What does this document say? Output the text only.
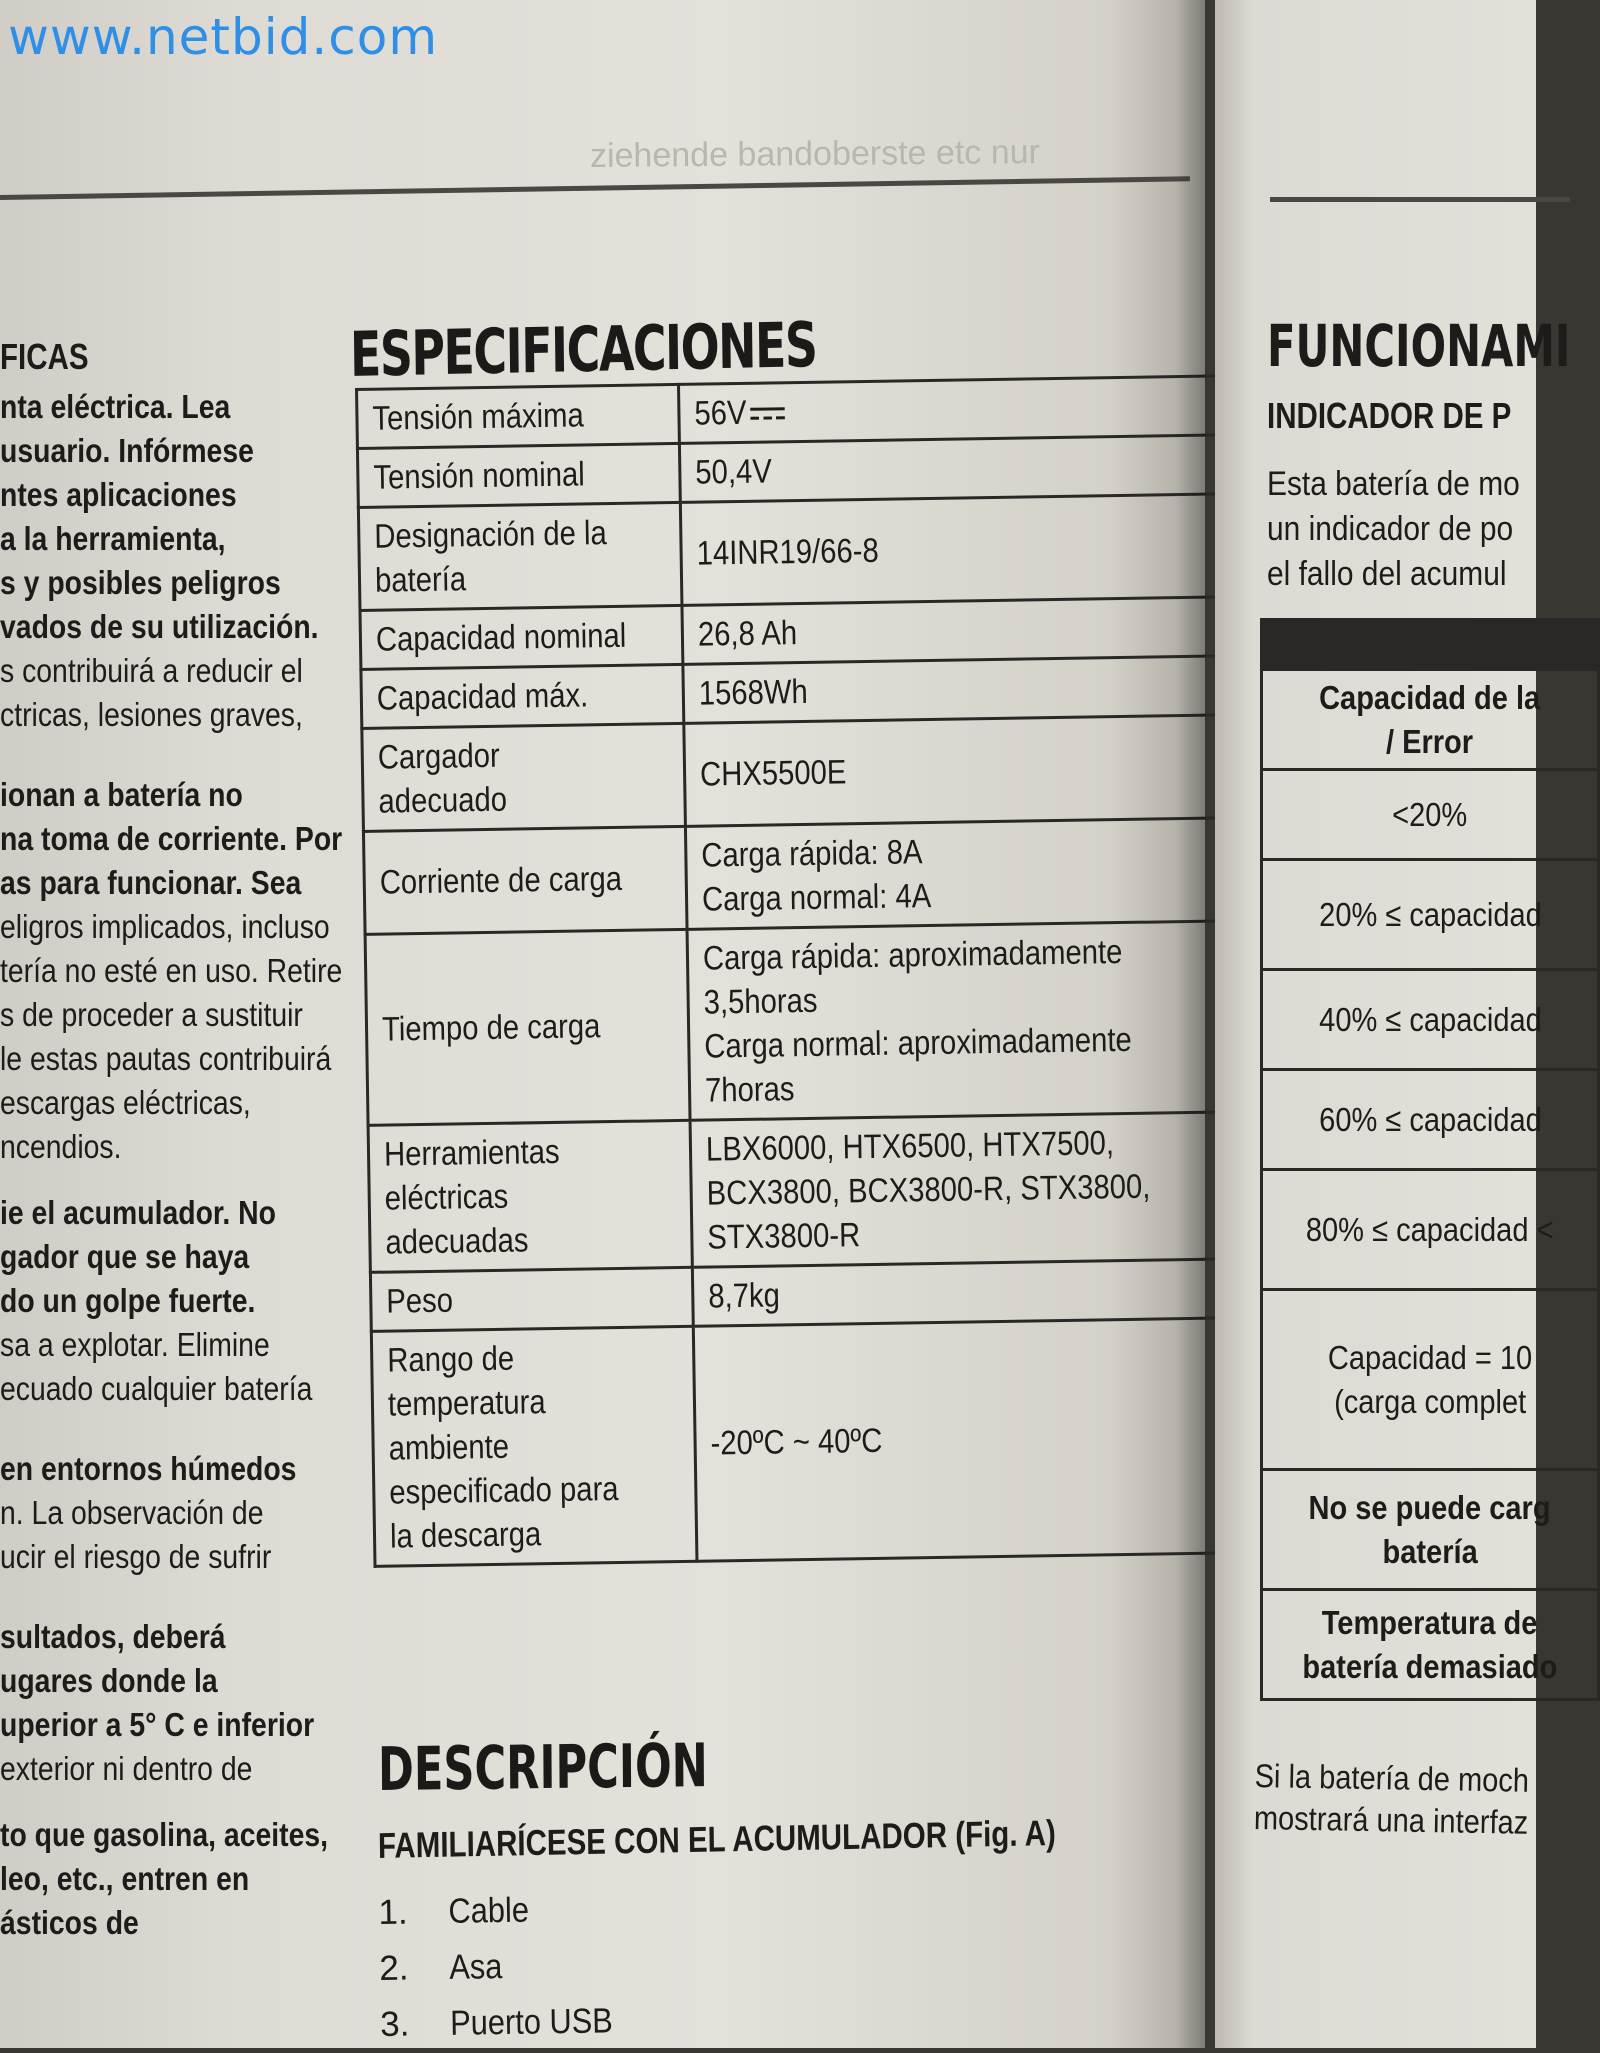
ziehende bandoberste etc nur
FICAS
nta eléctrica. Lea
usuario. Infórmese
ntes aplicaciones
a la herramienta,
s y posibles peligros
vados de su utilización.
s contribuirá a reducir el
ctricas, lesiones graves,
ionan a batería no
na toma de corriente. Por
as para funcionar. Sea
eligros implicados, incluso
tería no esté en uso. Retire
s de proceder a sustituir
le estas pautas contribuirá
escargas eléctricas,
ncendios.
ie el acumulador. No
gador que se haya
do un golpe fuerte.
sa a explotar. Elimine
ecuado cualquier batería
en entornos húmedos
n. La observación de
ucir el riesgo de sufrir
sultados, deberá
ugares donde la
uperior a 5° C e inferior
exterior ni dentro de
to que gasolina, aceites,
leo, etc., entren en
ásticos de
ESPECIFICACIONES
Tensión máxima	56V

Tensión nominal	50,4V

Designación de la
batería	14INR19/66-8

Capacidad nominal	26,8 Ah

Capacidad máx.	1568Wh

Cargador
adecuado	CHX5500E

Corriente de carga	Carga rápida: 8A
Carga normal: 4A

Tiempo de carga	Carga rápida: aproximadamente
3,5horas
Carga normal: aproximadamente
7horas

Herramientas
eléctricas
adecuadas	LBX6000, HTX6500, HTX7500,
BCX3800, BCX3800-R, STX3800,
STX3800-R

Peso	8,7kg

Rango de
temperatura
ambiente
especificado para
la descarga	-20ºC ~ 40ºC
DESCRIPCIÓN
FAMILIARÍCESE CON EL ACUMULADOR (Fig. A)
1.	Cable
2.	Asa
3.	Puerto USB
FUNCIONAMI
INDICADOR DE P
Esta batería de mo
un indicador de po
el fallo del acumul

Capacidad de la
/ Error
<20%
20% ≤ capacidad
40% ≤ capacidad
60% ≤ capacidad
80% ≤ capacidad <
Capacidad = 10
(carga complet
No se puede carg
batería
Temperatura de
batería demasiado
Si la batería de moch
mostrará una interfaz
www.netbid.com
